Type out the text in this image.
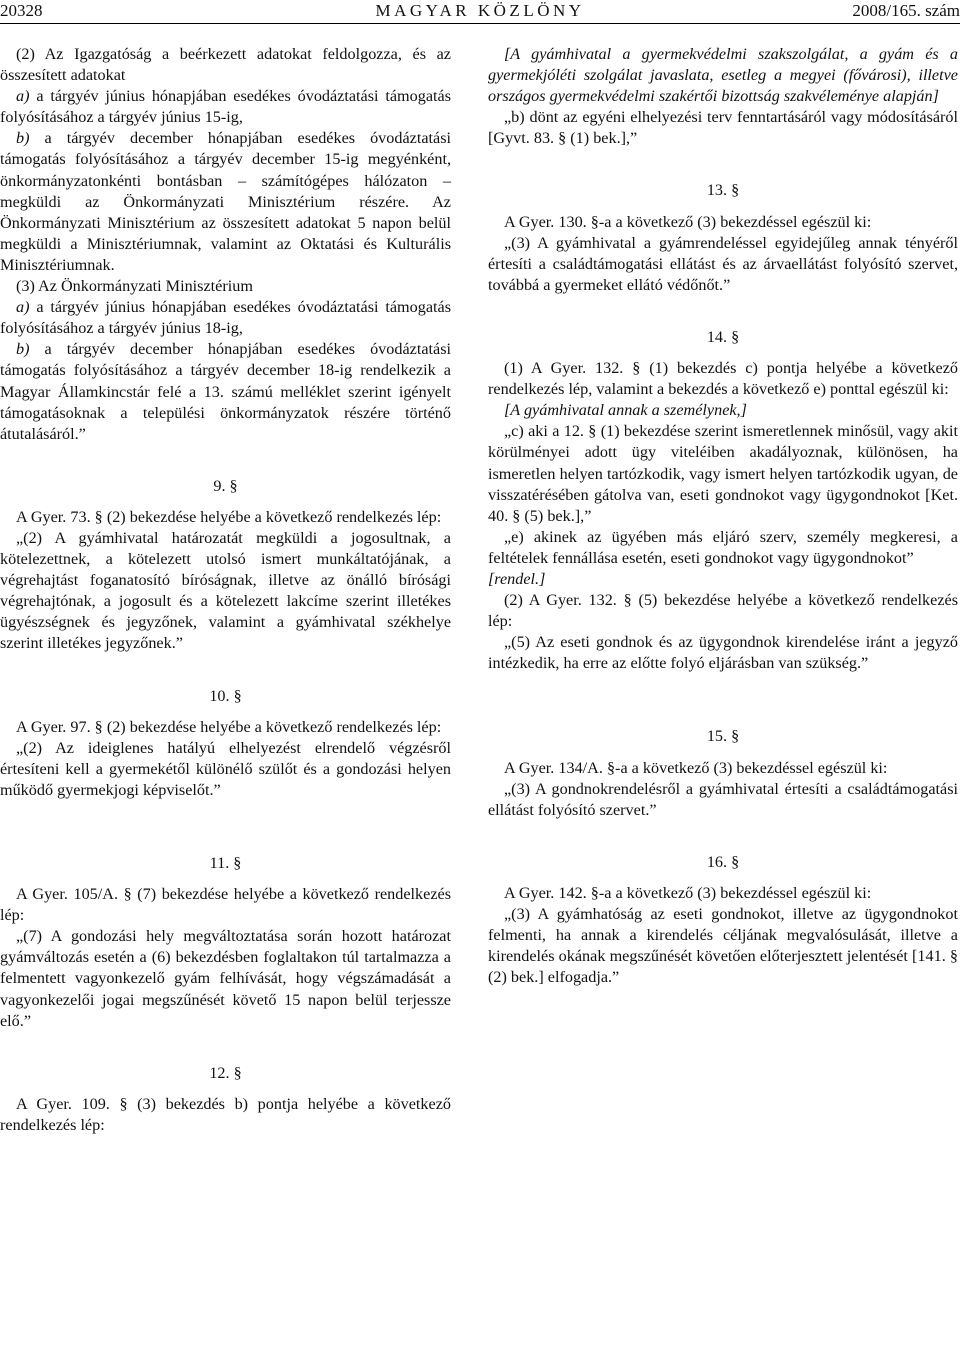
20328	MAGYAR KÖZLÖNY	2008/165. szám

(2) Az Igazgatóság a beérkezett adatokat feldolgozza, és az összesített adatokat

a) a tárgyév június hónapjában esedékes óvodáztatási támogatás folyósításához a tárgyév június 15-ig,

b) a tárgyév december hónapjában esedékes óvodáztatási támogatás folyósításához a tárgyév december 15-ig megyénként, önkormányzatonkénti bontásban – számítógépes hálózaton – megküldi az Önkormányzati Minisztérium részére. Az Önkormányzati Minisztérium az összesített adatokat 5 napon belül megküldi a Minisztériumnak, valamint az Oktatási és Kulturális Minisztériumnak.

(3) Az Önkormányzati Minisztérium

a) a tárgyév június hónapjában esedékes óvodáztatási támogatás folyósításához a tárgyév június 18-ig,

b) a tárgyév december hónapjában esedékes óvodáztatási támogatás folyósításához a tárgyév december 18-ig rendelkezik a Magyar Államkincstár felé a 13. számú melléklet szerint igényelt támogatásoknak a települési önkormányzatok részére történő átutalásáról.”

9. §

A Gyer. 73. § (2) bekezdése helyébe a következő rendelkezés lép:

„(2) A gyámhivatal határozatát megküldi a jogosultnak, a kötelezettnek, a kötelezett utolsó ismert munkáltatójának, a végrehajtást foganatosító bíróságnak, illetve az önálló bírósági végrehajtónak, a jogosult és a kötelezett lakcíme szerint illetékes ügyészségnek és jegyzőnek, valamint a gyámhivatal székhelye szerint illetékes jegyzőnek.”

10. §

A Gyer. 97. § (2) bekezdése helyébe a következő rendelkezés lép:

„(2) Az ideiglenes hatályú elhelyezést elrendelő végzésről értesíteni kell a gyermekétől különélő szülőt és a gondozási helyen működő gyermekjogi képviselőt.”

11. §

A Gyer. 105/A. § (7) bekezdése helyébe a következő rendelkezés lép:

„(7) A gondozási hely megváltoztatása során hozott határozat gyámváltozás esetén a (6) bekezdésben foglaltakon túl tartalmazza a felmentett vagyonkezelő gyám felhívását, hogy végszámadását a vagyonkezelői jogai megszűnését követő 15 napon belül terjessze elő.”

12. §

A Gyer. 109. § (3) bekezdés b) pontja helyébe a következő rendelkezés lép:

[A gyámhivatal a gyermekvédelmi szakszolgálat, a gyám és a gyermekjóléti szolgálat javaslata, esetleg a megyei (fővárosi), illetve országos gyermekvédelmi szakértői bizottság szakvéleménye alapján]

„b) dönt az egyéni elhelyezési terv fenntartásáról vagy módosításáról [Gyvt. 83. § (1) bek.],”

13. §

A Gyer. 130. §-a a következő (3) bekezdéssel egészül ki:

„(3) A gyámhivatal a gyámrendeléssel egyidejűleg annak tényéről értesíti a családtámogatási ellátást és az árvaellátást folyósító szervet, továbbá a gyermeket ellátó védőnőt.”

14. §

(1) A Gyer. 132. § (1) bekezdés c) pontja helyébe a következő rendelkezés lép, valamint a bekezdés a következő e) ponttal egészül ki:

[A gyámhivatal annak a személynek,]

„c) aki a 12. § (1) bekezdése szerint ismeretlennek minősül, vagy akit körülményei adott ügy viteléiben akadályoznak, különösen, ha ismeretlen helyen tartózkodik, vagy ismert helyen tartózkodik ugyan, de visszatérésében gátolva van, eseti gondnokot vagy ügygondnokot [Ket. 40. § (5) bek.],”

„e) akinek az ügyében más eljáró szerv, személy megkeresi, a feltételek fennállása esetén, eseti gondnokot vagy ügygondnokot”

[rendel.]

(2) A Gyer. 132. § (5) bekezdése helyébe a következő rendelkezés lép:

„(5) Az eseti gondnok és az ügygondnok kirendelése iránt a jegyző intézkedik, ha erre az előtte folyó eljárásban van szükség.”

15. §

A Gyer. 134/A. §-a a következő (3) bekezdéssel egészül ki:

„(3) A gondnokrendelésről a gyámhivatal értesíti a családtámogatási ellátást folyósító szervet.”

16. §

A Gyer. 142. §-a a következő (3) bekezdéssel egészül ki:

„(3) A gyámhatóság az eseti gondnokot, illetve az ügygondnokot felmenti, ha annak a kirendelés céljának megvalósulását, illetve a kirendelés okának megszűnését követően előterjesztett jelentését [141. § (2) bek.] elfogadja.”
